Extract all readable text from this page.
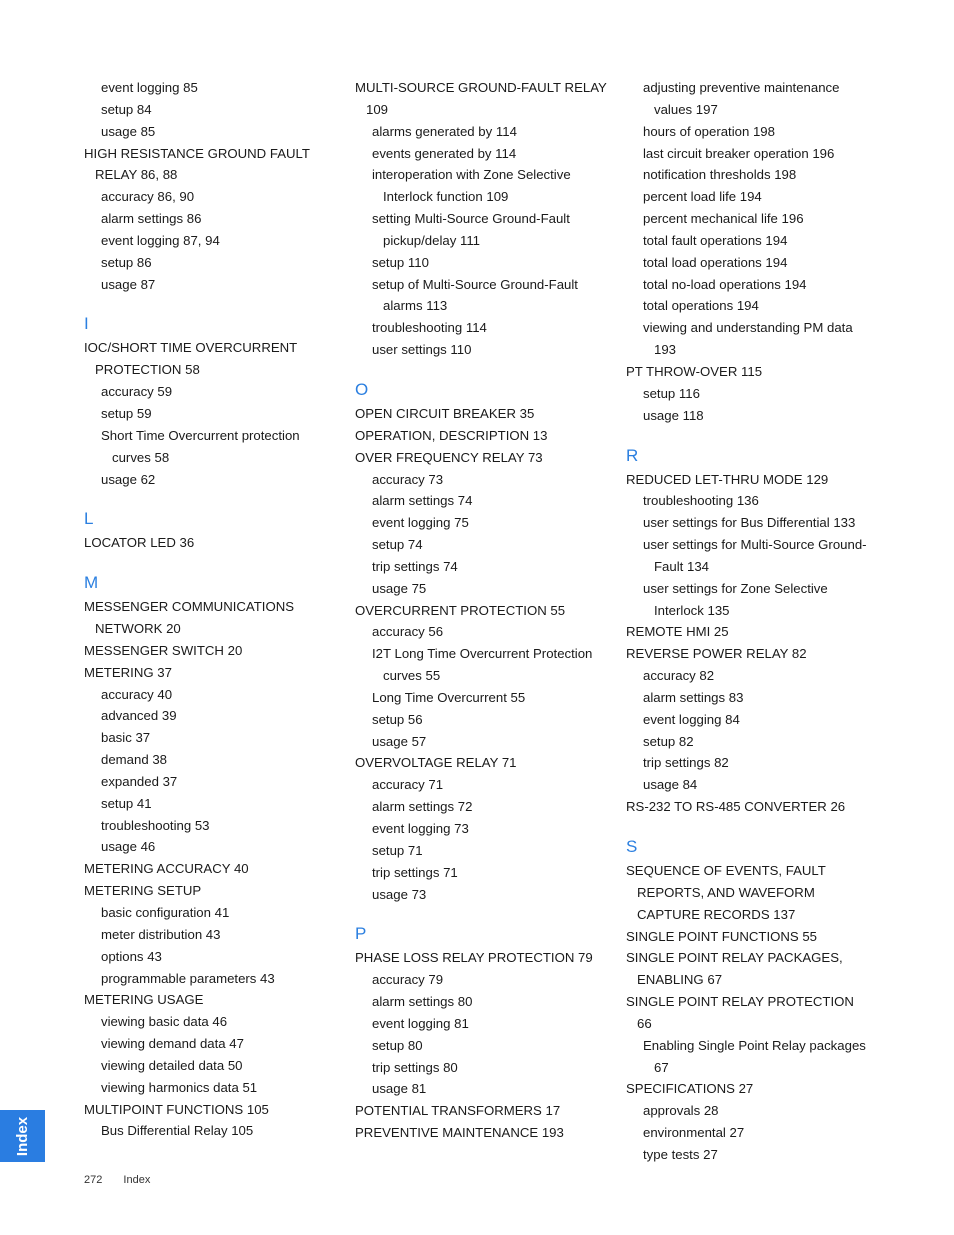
event logging 85
setup 84
usage 85
HIGH RESISTANCE GROUND FAULT RELAY 86, 88
accuracy 86, 90
alarm settings 86
event logging 87, 94
setup 86
usage 87
I
IOC/SHORT TIME OVERCURRENT PROTECTION 58
accuracy 59
setup 59
Short Time Overcurrent protection curves 58
usage 62
L
LOCATOR LED 36
M
MESSENGER COMMUNICATIONS NETWORK 20
MESSENGER SWITCH 20
METERING 37
accuracy 40
advanced 39
basic 37
demand 38
expanded 37
setup 41
troubleshooting 53
usage 46
METERING ACCURACY 40
METERING SETUP
basic configuration 41
meter distribution 43
options 43
programmable parameters 43
METERING USAGE
viewing basic data 46
viewing demand data 47
viewing detailed data 50
viewing harmonics data 51
MULTIPOINT FUNCTIONS 105
Bus Differential Relay 105
MULTI-SOURCE GROUND-FAULT RELAY 109
alarms generated by 114
events generated by 114
interoperation with Zone Selective Interlock function 109
setting Multi-Source Ground-Fault pickup/delay 111
setup 110
setup of Multi-Source Ground-Fault alarms 113
troubleshooting 114
user settings 110
O
OPEN CIRCUIT BREAKER 35
OPERATION, DESCRIPTION 13
OVER FREQUENCY RELAY 73
accuracy 73
alarm settings 74
event logging 75
setup 74
trip settings 74
usage 75
OVERCURRENT PROTECTION 55
accuracy 56
I2T Long Time Overcurrent Protection curves 55
Long Time Overcurrent 55
setup 56
usage 57
OVERVOLTAGE RELAY 71
accuracy 71
alarm settings 72
event logging 73
setup 71
trip settings 71
usage 73
P
PHASE LOSS RELAY PROTECTION 79
accuracy 79
alarm settings 80
event logging 81
setup 80
trip settings 80
usage 81
POTENTIAL TRANSFORMERS 17
PREVENTIVE MAINTENANCE 193
adjusting preventive maintenance values 197
hours of operation 198
last circuit breaker operation 196
notification thresholds 198
percent load life 194
percent mechanical life 196
total fault operations 194
total load operations 194
total no-load operations 194
total operations 194
viewing and understanding PM data 193
PT THROW-OVER 115
setup 116
usage 118
R
REDUCED LET-THRU MODE 129
troubleshooting 136
user settings for Bus Differential 133
user settings for Multi-Source Ground-Fault 134
user settings for Zone Selective Interlock 135
REMOTE HMI 25
REVERSE POWER RELAY 82
accuracy 82
alarm settings 83
event logging 84
setup 82
trip settings 82
usage 84
RS-232 TO RS-485 CONVERTER 26
S
SEQUENCE OF EVENTS, FAULT REPORTS, AND WAVEFORM CAPTURE RECORDS 137
SINGLE POINT FUNCTIONS 55
SINGLE POINT RELAY PACKAGES, ENABLING 67
SINGLE POINT RELAY PROTECTION 66
Enabling Single Point Relay packages 67
SPECIFICATIONS 27
approvals 28
environmental 27
type tests 27
Index
272 Index
